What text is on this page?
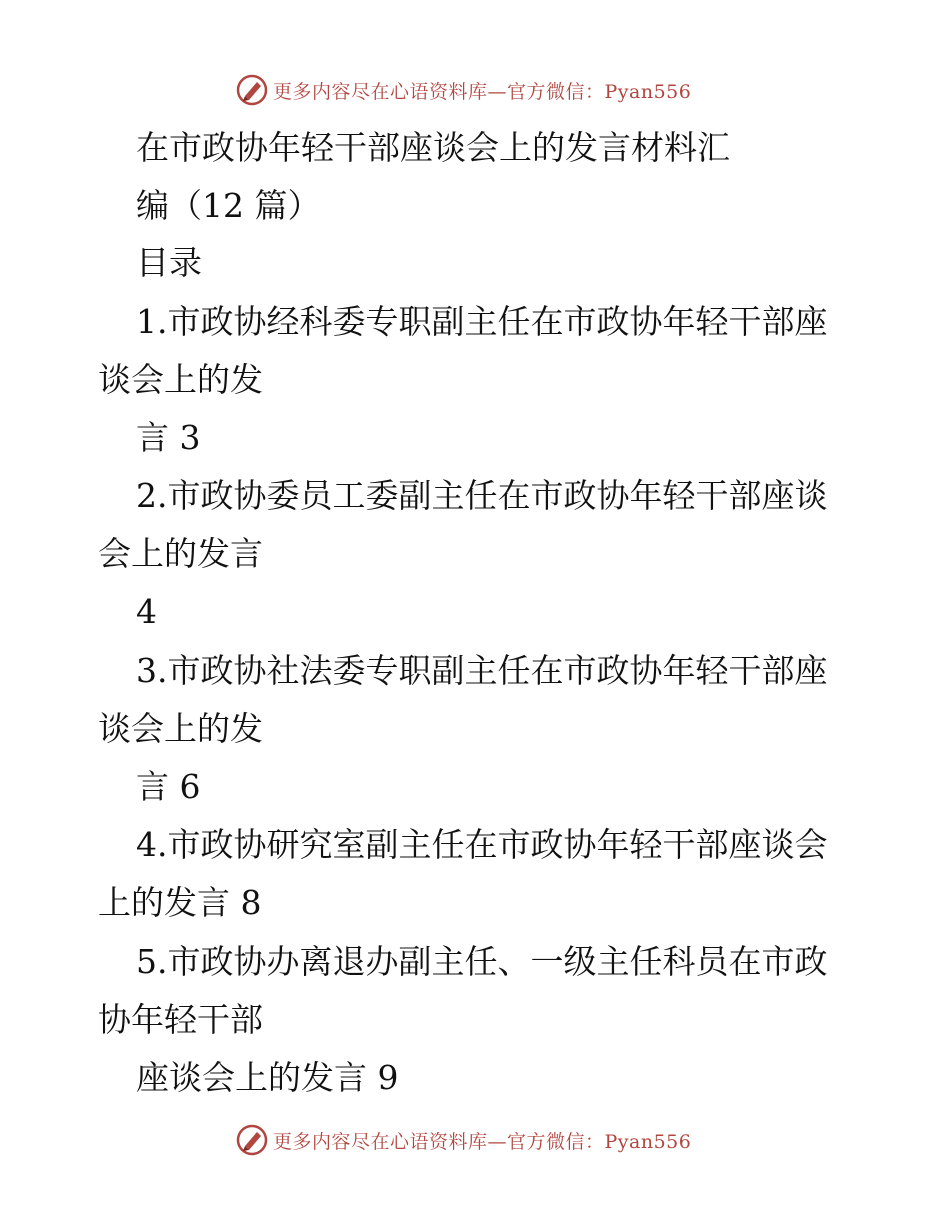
更多内容尽在心语资料库—官方微信：Pyan556
在市政协年轻干部座谈会上的发言材料汇
编（12 篇）
目录
1.市政协经科委专职副主任在市政协年轻干部座
谈会上的发
言 3
2.市政协委员工委副主任在市政协年轻干部座谈
会上的发言
4
3.市政协社法委专职副主任在市政协年轻干部座
谈会上的发
言 6
4.市政协研究室副主任在市政协年轻干部座谈会
上的发言 8
5.市政协办离退办副主任、一级主任科员在市政
协年轻干部
座谈会上的发言 9
更多内容尽在心语资料库—官方微信：Pyan556
